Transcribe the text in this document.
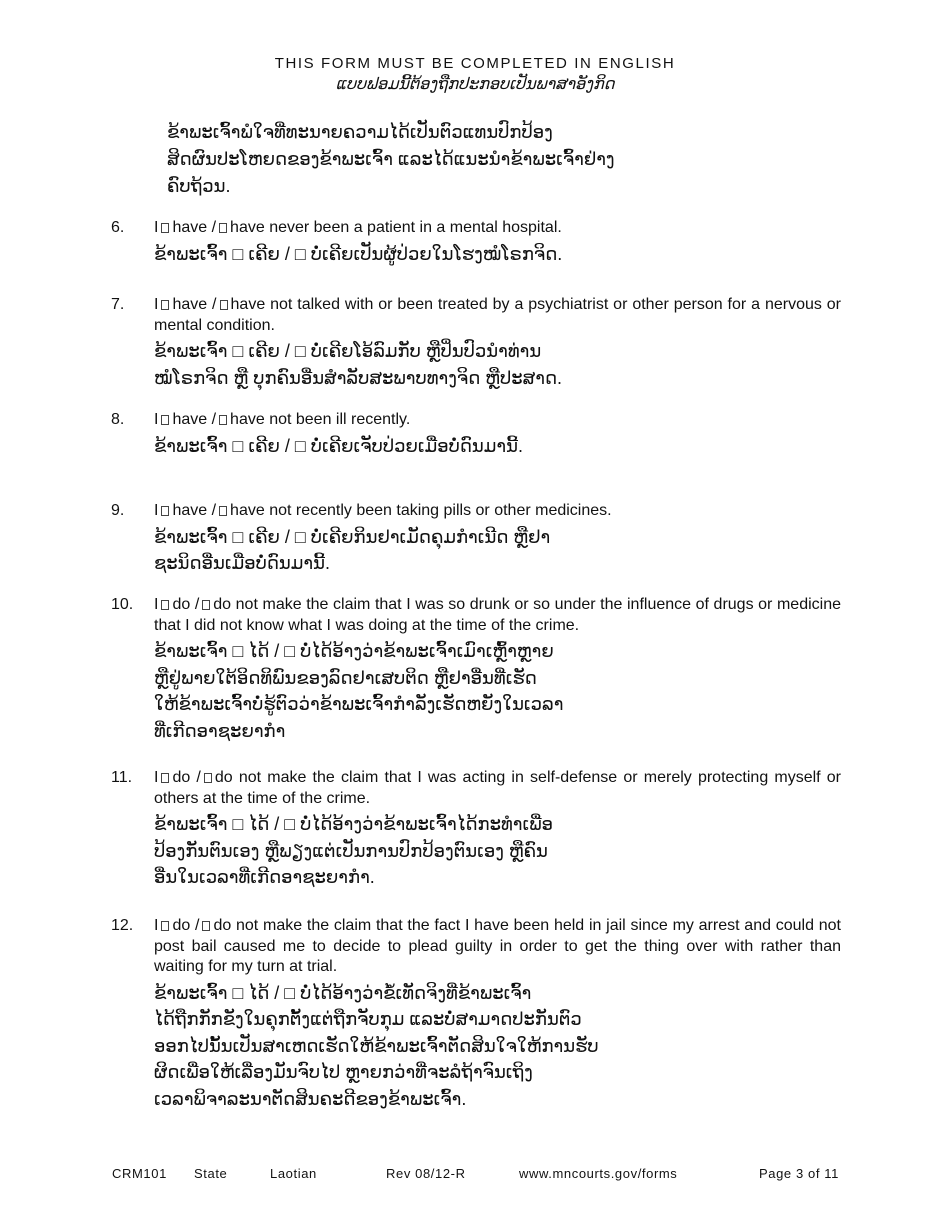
THIS FORM MUST BE COMPLETED IN ENGLISH
ແບບຟອມນີ້ຕ້ອງຖືກປະກອບເປັນພາສາອັງກິດ
ຂ້າພະເຈົ້າພໍໃຈທີ່ທະນາຍຄວາມໄດ້ເປັນຕົວແທນປົກປ້ອງ
ສິດຜົນປະໂຫຍດຂອງຂ້າພະເຈົ້າ ແລະໄດ້ແນະນໍາຂ້າພະເຈົ້າຢ່າງ
ຄົບຖ້ວນ.
6.	I have / have never been a patient in a mental hospital.
ຂ້າພະເຈົ້າ □ ເຄີຍ / □ ບໍ່ເຄີຍເປັນຜູ້ປ່ວຍໃນໂຮງໝໍໂຣກຈິດ.
7.	I have / have not talked with or been treated by a psychiatrist or other person for a nervous or mental condition.
ຂ້າພະເຈົ້າ □ ເຄີຍ / □ ບໍ່ເຄີຍໂອ້ລົມກັບ ຫຼືປິ່ນປົວນໍາທ່ານ
ໝໍໂຣກຈິດ ຫຼື ບຸກຄົນອື່ນສໍາລັບສະພາບທາງຈິດ ຫຼືປະສາດ.
8.	I have / have not been ill recently.
ຂ້າພະເຈົ້າ □ ເຄີຍ / □ ບໍ່ເຄີຍເຈັບປ່ວຍເມື່ອບໍ່ດົນມານີ້.
9.	I have / have not recently been taking pills or other medicines.
ຂ້າພະເຈົ້າ □ ເຄີຍ / □ ບໍ່ເຄີຍກິນຢາເມັດຄຸມກໍາເນີດ ຫຼືຢາ
ຊະນິດອື່ນເມື່ອບໍ່ດົນມານີ້.
10.	I do / do not make the claim that I was so drunk or so under the influence of drugs or medicine that I did not know what I was doing at the time of the crime.
ຂ້າພະເຈົ້າ □ ໄດ້ / □ ບໍ່ໄດ້ອ້າງວ່າຂ້າພະເຈົ້າເມົາເຫຼົ້າຫຼາຍ
ຫຼືຢູ່ພາຍໃຕ້ອິດທິພົນຂອງລົດຢາເສບຕິດ ຫຼືຢາອື່ນທີ່ເຮັດ
ໃຫ້ຂ້າພະເຈົ້າບໍ່ຮູ້ຕົວວ່າຂ້າພະເຈົ້າກໍາລັງເຮັດຫຍັງໃນເວລາ
ທີ່ເກີດອາຊະຍາກໍາ
11.	I do / do not make the claim that I was acting in self-defense or merely protecting myself or others at the time of the crime.
ຂ້າພະເຈົ້າ □ ໄດ້ / □ ບໍ່ໄດ້ອ້າງວ່າຂ້າພະເຈົ້າໄດ້ກະທໍາເພື່ອ
ປ້ອງກັນຕົນເອງ ຫຼືພຽງແຕ່ເປັນການປົກປ້ອງຕົນເອງ ຫຼືຄົນ
ອື່ນໃນເວລາທີ່ເກີດອາຊະຍາກໍາ.
12.	I do / do not make the claim that the fact I have been held in jail since my arrest and could not post bail caused me to decide to plead guilty in order to get the thing over with rather than waiting for my turn at trial.
ຂ້າພະເຈົ້າ □ ໄດ້ / □ ບໍ່ໄດ້ອ້າງວ່າຂໍ້ເທັດຈິງທີ່ຂ້າພະເຈົ້າ
ໄດ້ຖືກກັກຂັງໃນຄຸກຕັ້ງແຕ່ຖືກຈັບກຸມ ແລະບໍ່ສາມາດປະກັນຕົວ
ອອກໄປນັ້ນເປັນສາເຫດເຮັດໃຫ້ຂ້າພະເຈົ້າຕັດສິນໃຈໃຫ້ການຮັບ
ຜິດເພື່ອໃຫ້ເລື່ອງມັນຈົບໄປ ຫຼາຍກວ່າທີ່ຈະລໍຖ້າຈົນເຖິງ
ເວລາພິຈາລະນາຕັດສິນຄະດີຂອງຂ້າພະເຈົ້າ.
CRM101 State	Laotian	Rev 08/12-R	www.mncourts.gov/forms	Page 3 of 11
